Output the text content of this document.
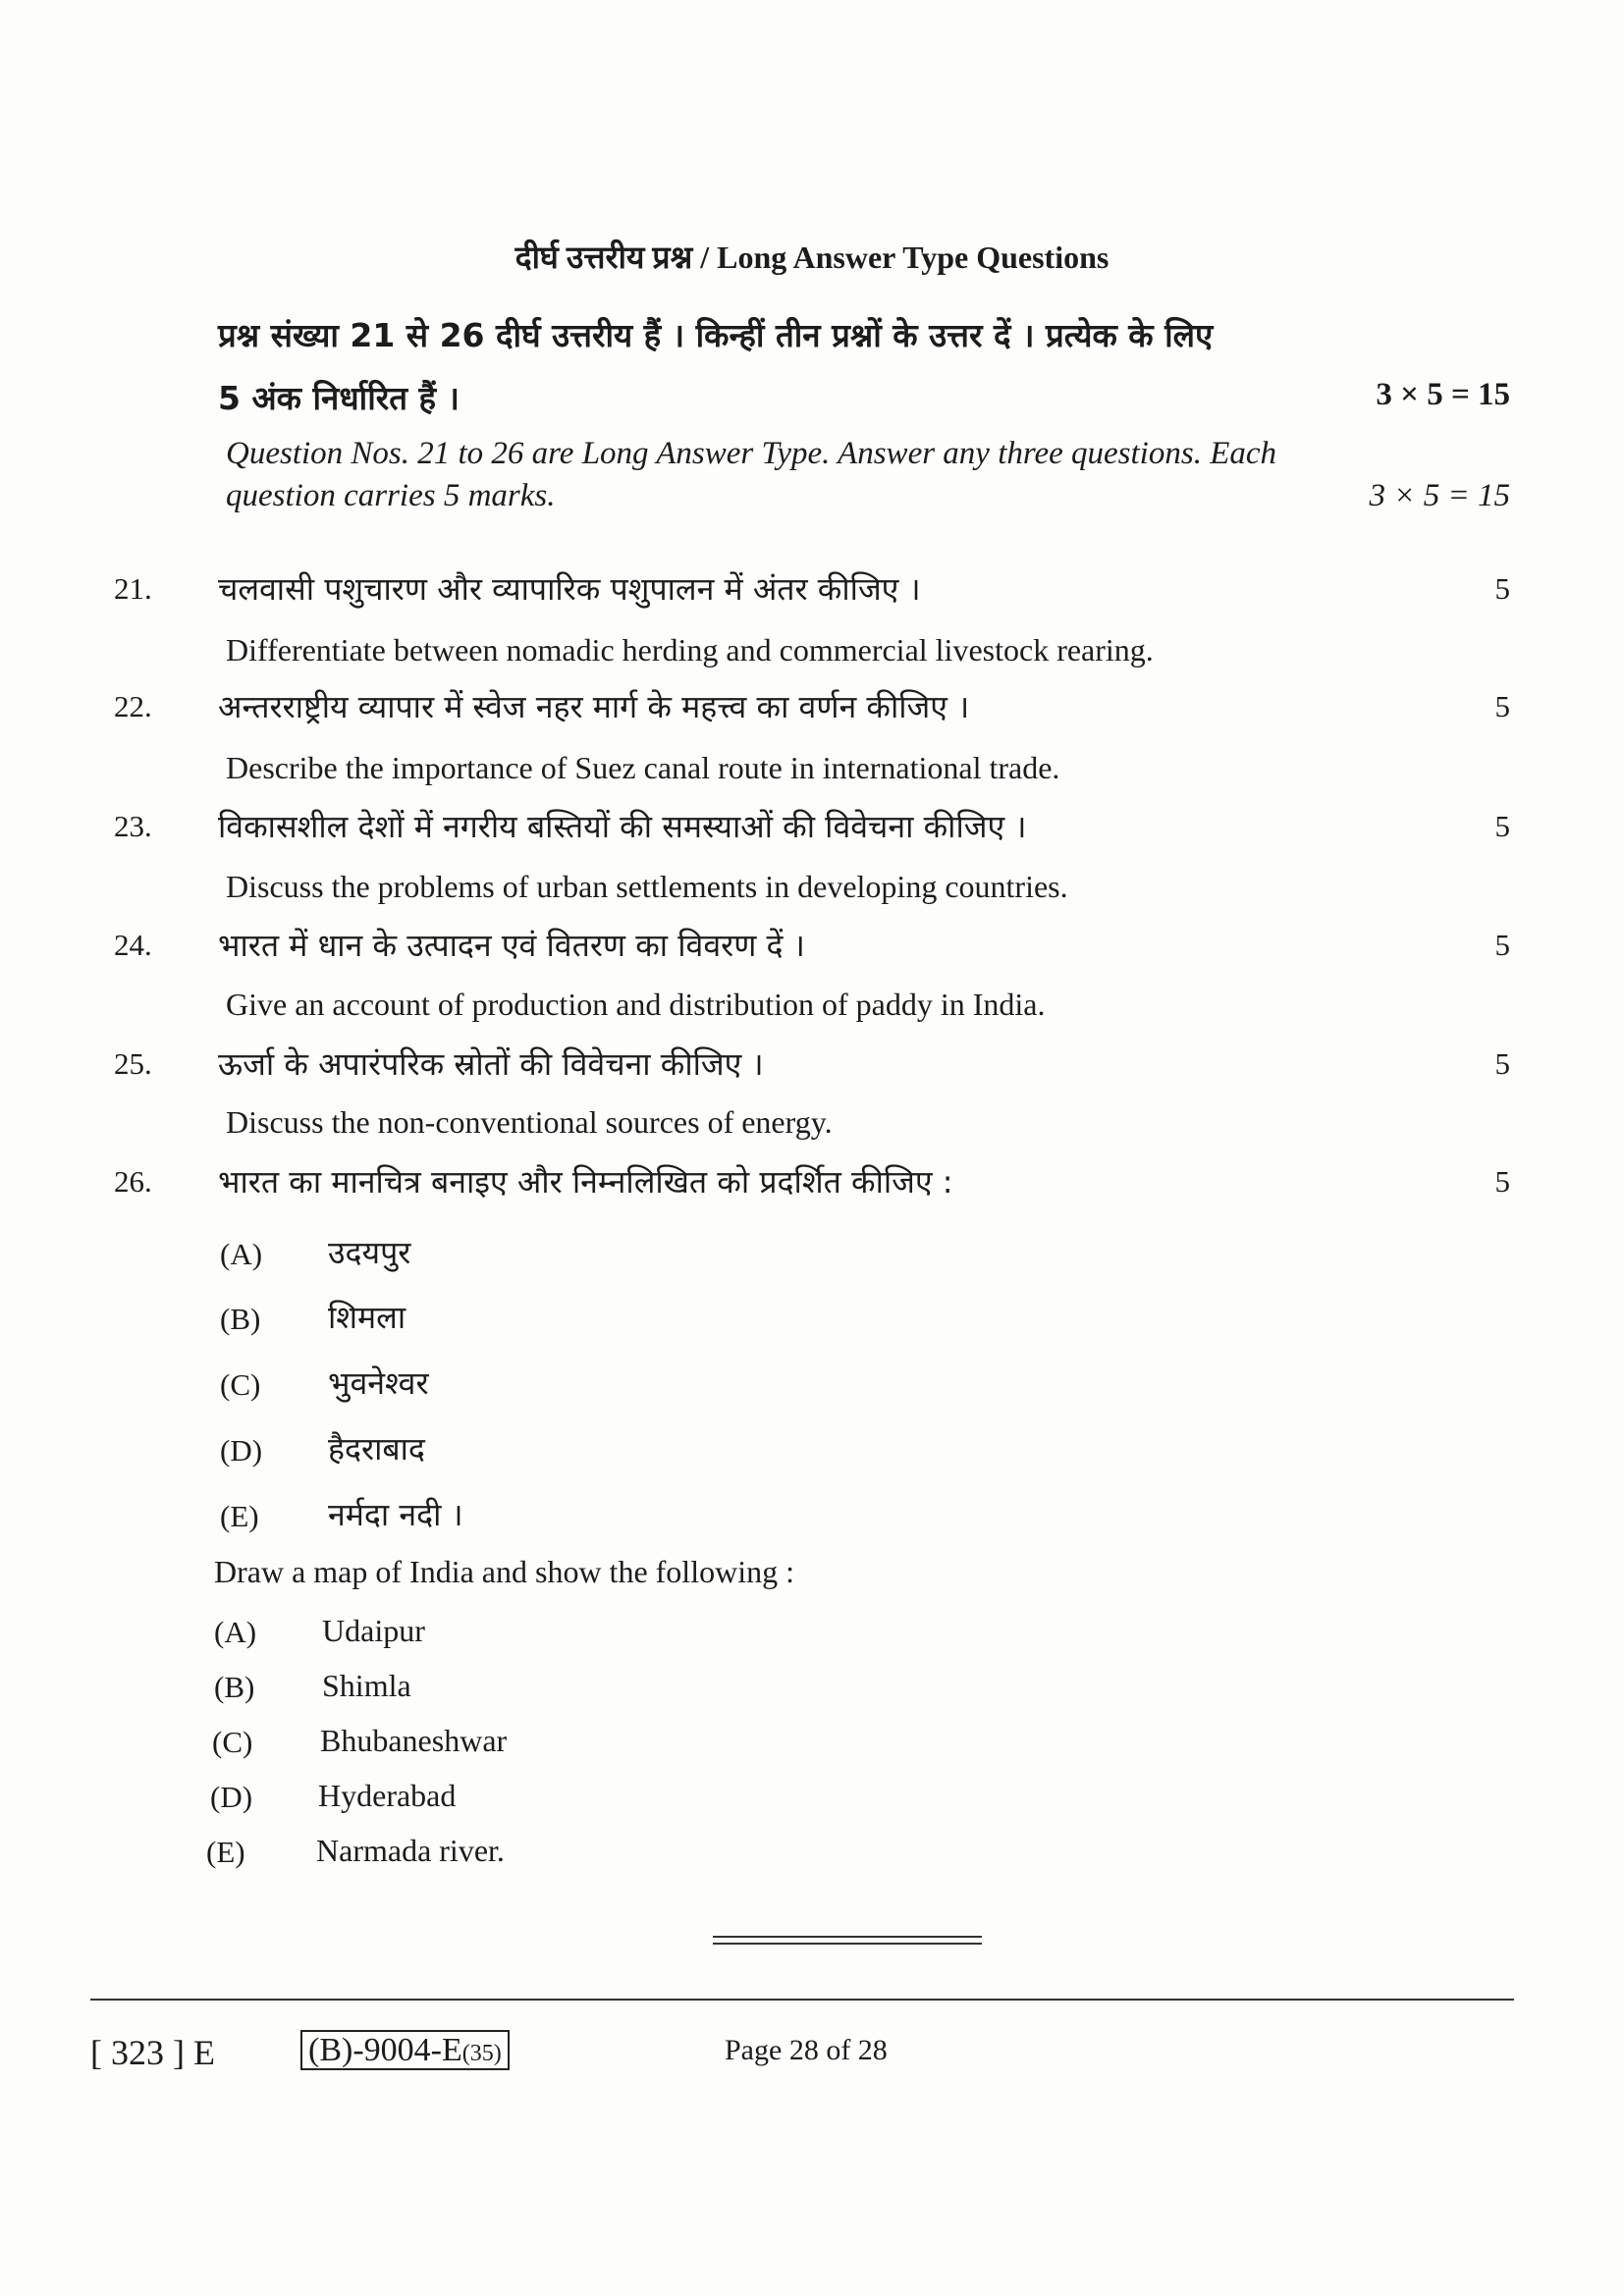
दीर्घ उत्तरीय प्रश्न / Long Answer Type Questions
प्रश्न संख्या 21 से 26 दीर्घ उत्तरीय हैं । किन्हीं तीन प्रश्नों के उत्तर दें । प्रत्येक के लिए
5 अंक निर्धारित हैं ।	3 × 5 = 15
Question Nos. 21 to 26 are Long Answer Type. Answer any three questions. Each
question carries 5 marks.	3 × 5 = 15
21. चलवासी पशुचारण और व्यापारिक पशुपालन में अंतर कीजिए ।	5
Differentiate between nomadic herding and commercial livestock rearing.
22. अन्तरराष्ट्रीय व्यापार में स्वेज नहर मार्ग के महत्त्व का वर्णन कीजिए ।	5
Describe the importance of Suez canal route in international trade.
23. विकासशील देशों में नगरीय बस्तियों की समस्याओं की विवेचना कीजिए ।	5
Discuss the problems of urban settlements in developing countries.
24. भारत में धान के उत्पादन एवं वितरण का विवरण दें ।	5
Give an account of production and distribution of paddy in India.
25. ऊर्जा के अपारंपरिक स्रोतों की विवेचना कीजिए ।	5
Discuss the non-conventional sources of energy.
26. भारत का मानचित्र बनाइए और निम्नलिखित को प्रदर्शित कीजिए :	5
(A) उदयपुर
(B) शिमला
(C) भुवनेश्वर
(D) हैदराबाद
(E) नर्मदा नदी ।
Draw a map of India and show the following :
(A) Udaipur
(B) Shimla
(C) Bhubaneshwar
(D) Hyderabad
(E) Narmada river.
[ 323 ] E	(B)-9004-E(35)	Page 28 of 28
